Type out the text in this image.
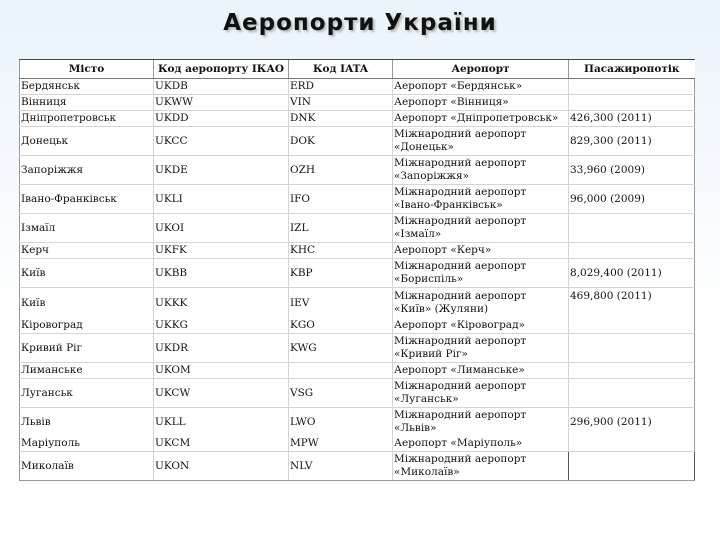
Аеропорти України
Місто	Код аеропорту ІКАО	Код IATA	Аеропорт	Пасажиропотік
Бердянськ	UKDB	ERD	Аеропорт «Бердянськ»	
Вінниця	UKWW	VIN	Аеропорт «Вінниця»	
Дніпропетровськ	UKDD	DNK	Аеропорт «Дніпропетровськ»	426,300 (2011)
Донецьк	UKCC	DOK	Міжнародний аеропорт «Донецьк»	829,300 (2011)
Запоріжжя	UKDE	OZH	Міжнародний аеропорт «Запоріжжя»	33,960 (2009)
Івано-Франківськ	UKLI	IFO	Міжнародний аеропорт «Івано-Франківськ»	96,000 (2009)
Ізмаїл	UKOI	IZL	Міжнародний аеропорт «Ізмаїл»	
Керч	UKFK	KHC	Аеропорт «Керч»	
Київ	UKBB	KBP	Міжнародний аеропорт «Бориспіль»	8,029,400 (2011)
Київ	UKKK	IEV	Міжнародний аеропорт «Київ» (Жуляни)	469,800 (2011)
Кіровоград	UKKG	KGO	Аеропорт «Кіровоград»	
Кривий Ріг	UKDR	KWG	Міжнародний аеропорт «Кривий Ріг»	
Лиманське	UKOM		Аеропорт «Лиманське»	
Луганськ	UKCW	VSG	Міжнародний аеропорт «Луганськ»	
Львів	UKLL	LWO	Міжнародний аеропорт «Львів»	296,900 (2011)
Маріуполь	UKCM	MPW	Аеропорт «Маріуполь»	
Миколаїв	UKON	NLV	Міжнародний аеропорт «Миколаїв»	
